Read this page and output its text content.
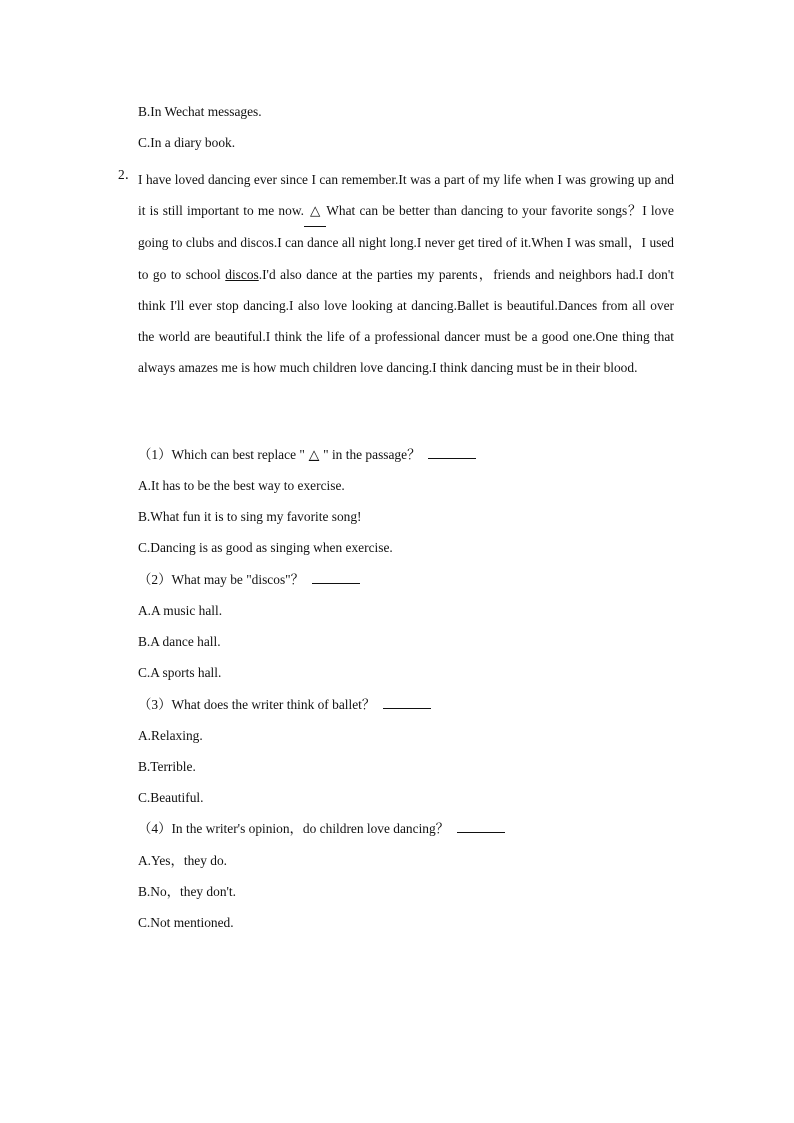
B.In Wechat messages.
C.In a diary book.
2． I have loved dancing ever since I can remember.It was a part of my life when I was growing up and it is still important to me now. △ What can be better than dancing to your favorite songs？I love going to clubs and discos.I can dance all night long.I never get tired of it.When I was small，I used to go to school discos.I'd also dance at the parties my parents，friends and neighbors had.I don't think I'll ever stop dancing.I also love looking at dancing.Ballet is beautiful.Dances from all over the world are beautiful.I think the life of a professional dancer must be a good one.One thing that always amazes me is how much children love dancing.I think dancing must be in their blood.
（1）Which can best replace " △ " in the passage？
A.It has to be the best way to exercise.
B.What fun it is to sing my favorite song!
C.Dancing is as good as singing when exercise.
（2）What may be "discos"？
A.A music hall.
B.A dance hall.
C.A sports hall.
（3）What does the writer think of ballet？
A.Relaxing.
B.Terrible.
C.Beautiful.
（4）In the writer's opinion，do children love dancing？
A.Yes，they do.
B.No，they don't.
C.Not mentioned.
